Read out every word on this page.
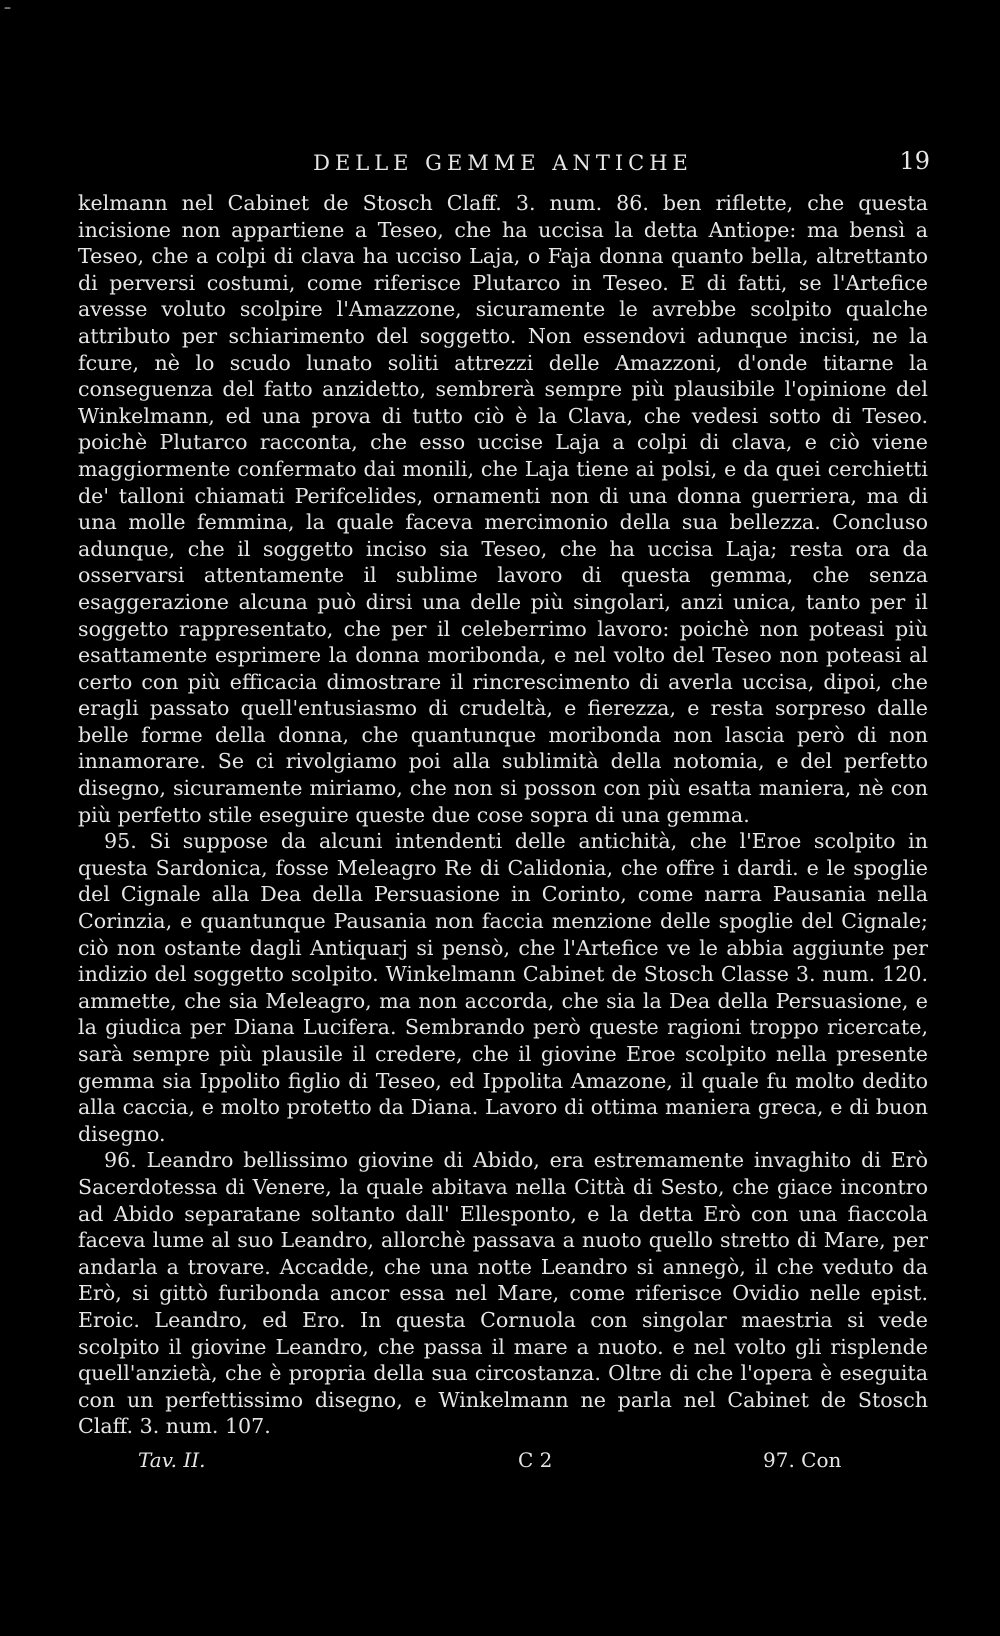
–
DELLE GEMME ANTICHE	19

kelmann nel Cabinet de Stosch Claff. 3. num. 86. ben riflette, che questa incisione non appartiene a Teseo, che ha uccisa la detta Antiope: ma bensì a Teseo, che a colpi di clava ha ucciso Laja, o Faja donna quanto bella, altrettanto di perversi costumi, come riferisce Plutarco in Teseo. E di fatti, se l'Artefice avesse voluto scolpire l'Amazzone, sicuramente le avrebbe scolpito qualche attributo per schiarimento del soggetto. Non essendovi adunque incisi, ne la fcure, nè lo scudo lunato soliti attrezzi delle Amazzoni, d'onde titarne la conseguenza del fatto anzidetto, sembrerà sempre più plausibile l'opinione del Winkelmann, ed una prova di tutto ciò è la Clava, che vedesi sotto di Teseo. poichè Plutarco racconta, che esso uccise Laja a colpi di clava, e ciò viene maggiormente confermato dai monili, che Laja tiene ai polsi, e da quei cerchietti de' talloni chiamati Perifcelides, ornamenti non di una donna guerriera, ma di una molle femmina, la quale faceva mercimonio della sua bellezza. Concluso adunque, che il soggetto inciso sia Teseo, che ha uccisa Laja; resta ora da osservarsi attentamente il sublime lavoro di questa gemma, che senza esaggerazione alcuna può dirsi una delle più singolari, anzi unica, tanto per il soggetto rappresentato, che per il celeberrimo lavoro: poichè non poteasi più esattamente esprimere la donna moribonda, e nel volto del Teseo non poteasi al certo con più efficacia dimostrare il rincrescimento di averla uccisa, dipoi, che eragli passato quell'entusiasmo di crudeltà, e fierezza, e resta sorpreso dalle belle forme della donna, che quantunque moribonda non lascia però di non innamorare. Se ci rivolgiamo poi alla sublimità della notomia, e del perfetto disegno, sicuramente miriamo, che non si posson con più esatta maniera, nè con più perfetto stile eseguire queste due cose sopra di una gemma.

95. Si suppose da alcuni intendenti delle antichità, che l'Eroe scolpito in questa Sardonica, fosse Meleagro Re di Calidonia, che offre i dardi. e le spoglie del Cignale alla Dea della Persuasione in Corinto, come narra Pausania nella Corinzia, e quantunque Pausania non faccia menzione delle spoglie del Cignale; ciò non ostante dagli Antiquarj si pensò, che l'Artefice ve le abbia aggiunte per indizio del soggetto scolpito. Winkelmann Cabinet de Stosch Classe 3. num. 120. ammette, che sia Meleagro, ma non accorda, che sia la Dea della Persuasione, e la giudica per Diana Lucifera. Sembrando però queste ragioni troppo ricercate, sarà sempre più plausile il credere, che il giovine Eroe scolpito nella presente gemma sia Ippolito figlio di Teseo, ed Ippolita Amazone, il quale fu molto dedito alla caccia, e molto protetto da Diana. Lavoro di ottima maniera greca, e di buon disegno.

96. Leandro bellissimo giovine di Abido, era estremamente invaghito di Erò Sacerdotessa di Venere, la quale abitava nella Città di Sesto, che giace incontro ad Abido separatane soltanto dall' Ellesponto, e la detta Erò con una fiaccola faceva lume al suo Leandro, allorchè passava a nuoto quello stretto di Mare, per andarla a trovare. Accadde, che una notte Leandro si annegò, il che veduto da Erò, si gittò furibonda ancor essa nel Mare, come riferisce Ovidio nelle epist. Eroic. Leandro, ed Ero. In questa Cornuola con singolar maestria si vede scolpito il giovine Leandro, che passa il mare a nuoto. e nel volto gli risplende quell'anzietà, che è propria della sua circostanza. Oltre di che l'opera è eseguita con un perfettissimo disegno, e Winkelmann ne parla nel Cabinet de Stosch Claff. 3. num. 107.

Tav. II.	C 2	97. Con
